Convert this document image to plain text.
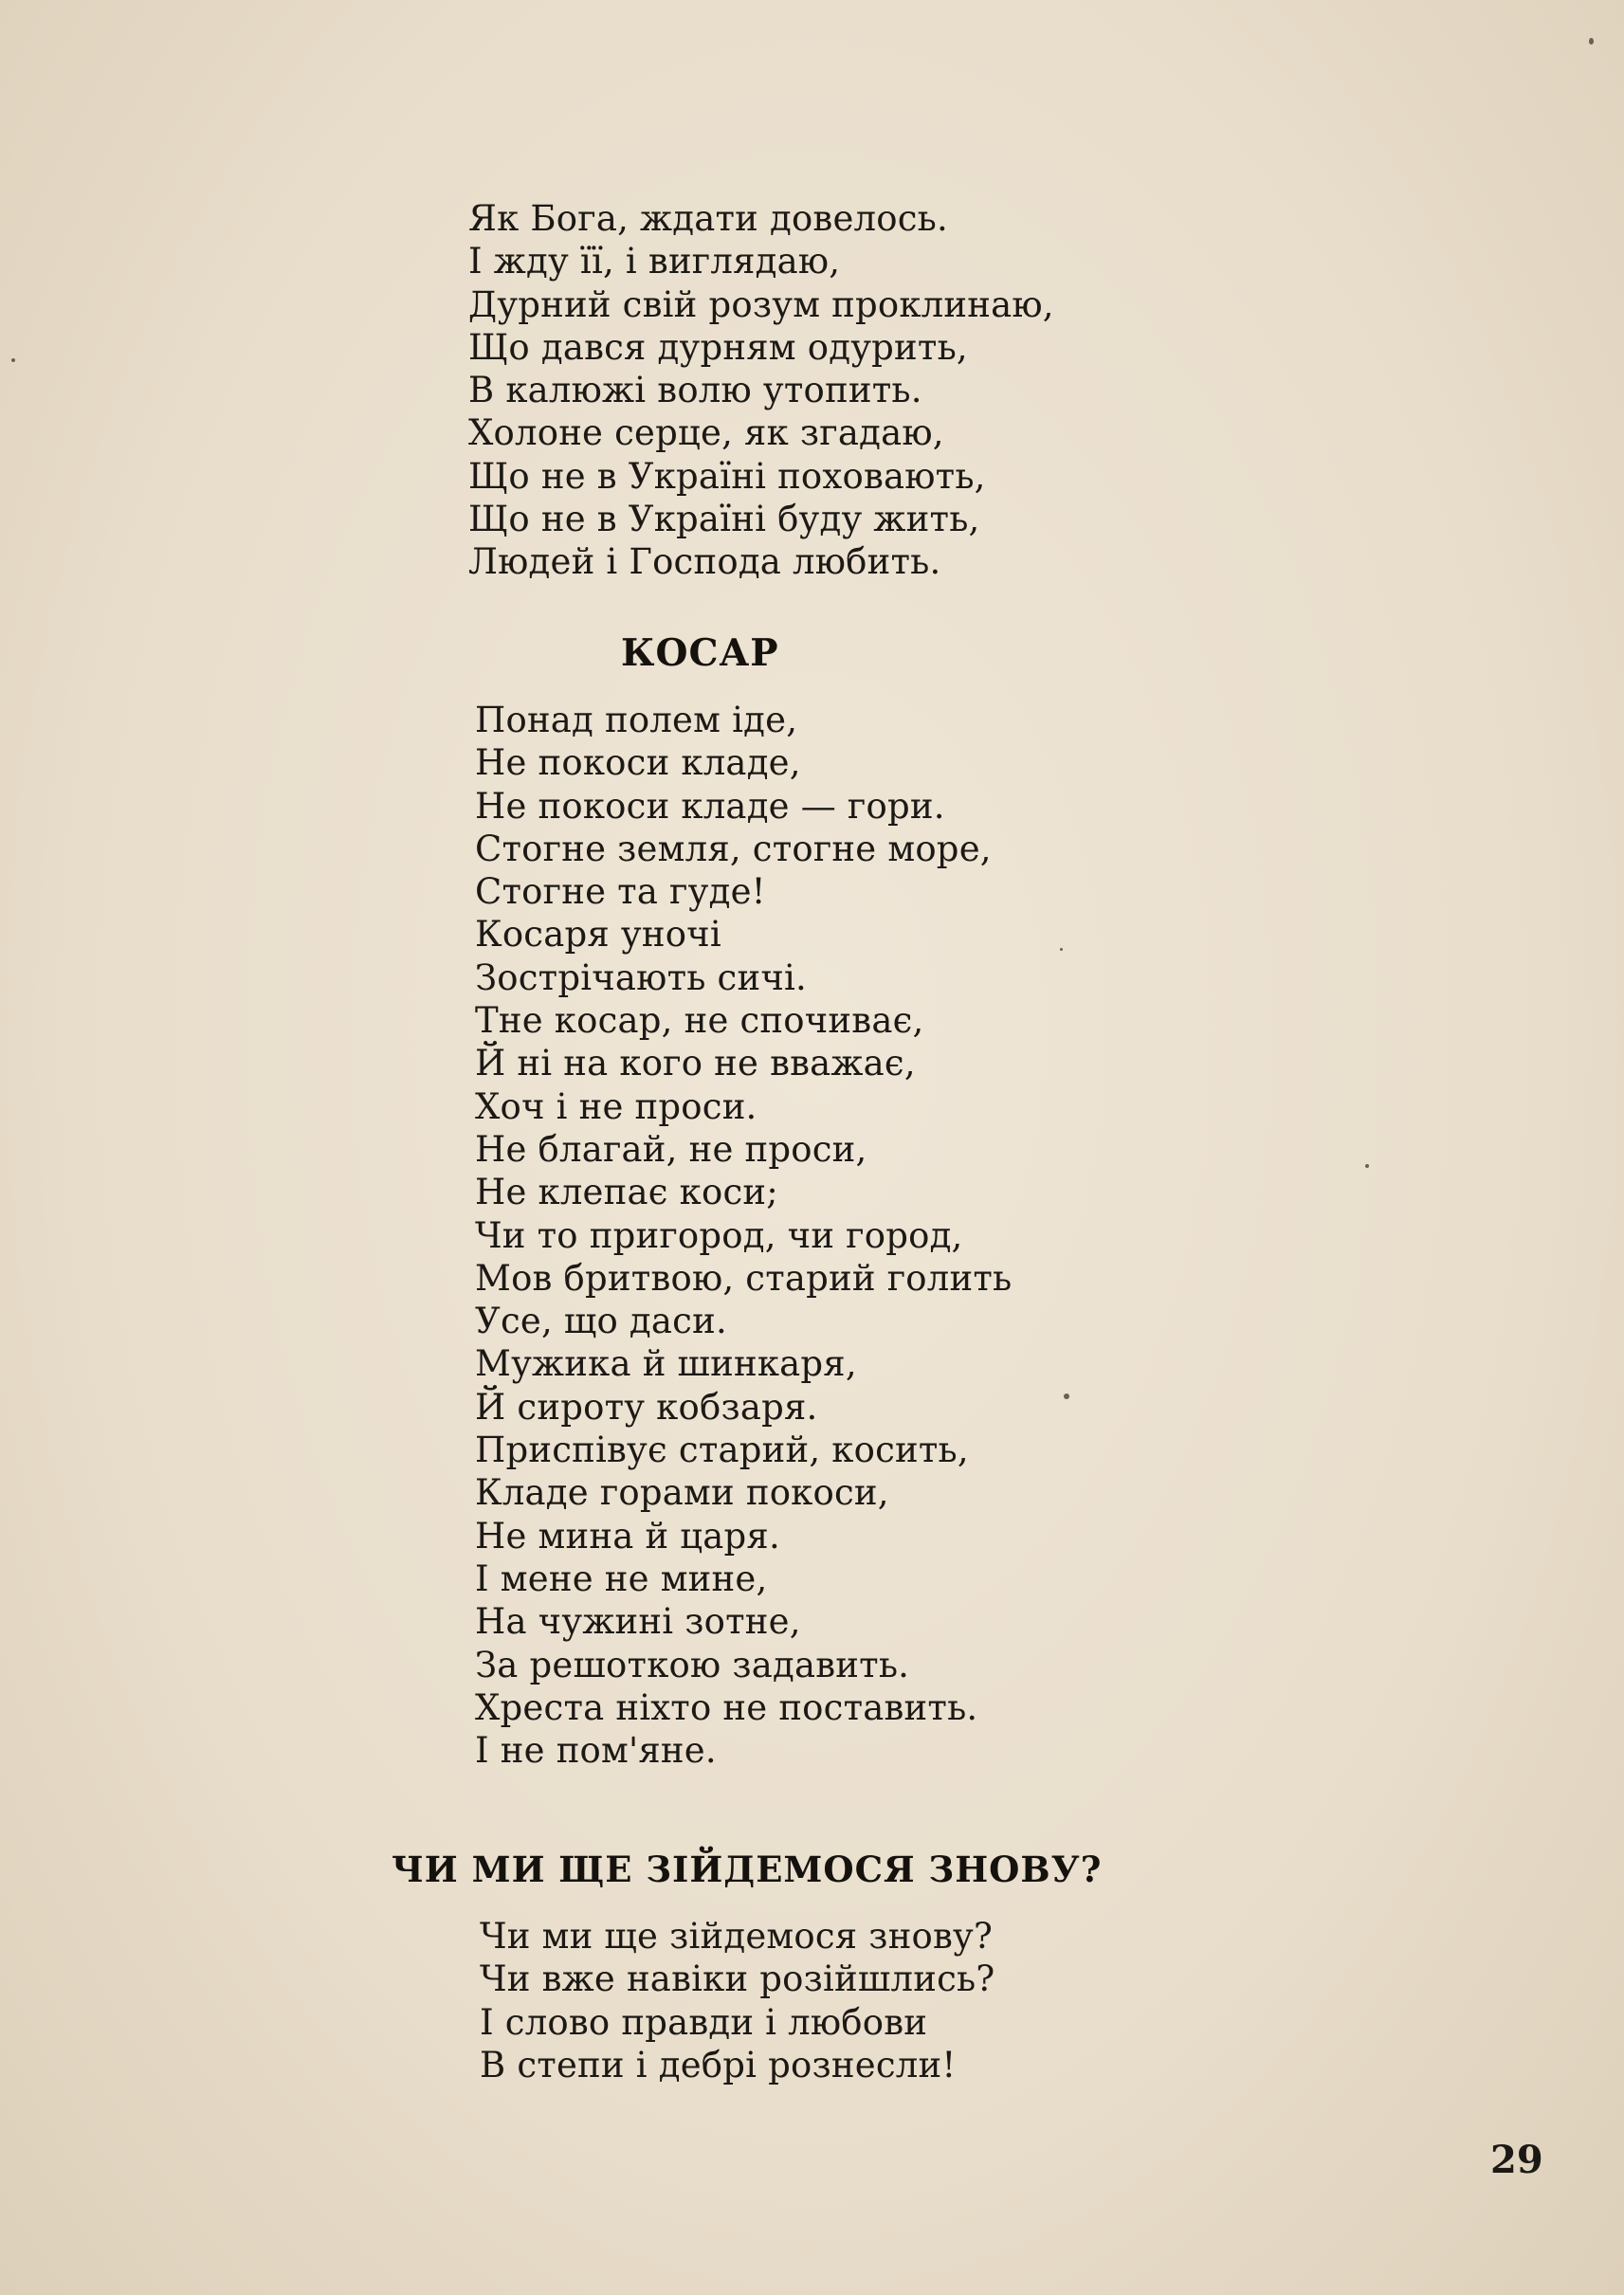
Як Бога, ждати довелось.
І жду її, і виглядаю,
Дурний свій розум проклинаю,
Що дався дурням одурить,
В калюжі волю утопить.
Холоне серце, як згадаю,
Що не в Україні поховають,
Що не в Україні буду жить,
Людей і Господа любить.
КОСАР
Понад полем іде,
Не покоси кладе,
Не покоси кладе — гори.
Стогне земля, стогне море,
Стогне та гуде!
Косаря уночі
Зострічають сичі.
Тне косар, не спочиває,
Й ні на кого не вважає,
Хоч і не проси.
Не благай, не проси,
Не клепає коси;
Чи то пригород, чи город,
Мов бритвою, старий голить
Усе, що даси.
Мужика й шинкаря,
Й сироту кобзаря.
Приспівує старий, косить,
Кладе горами покоси,
Не мина й царя.
І мене не мине,
На чужині зотне,
За решоткою задавить.
Хреста ніхто не поставить.
І не пом'яне.
ЧИ МИ ЩЕ ЗІЙДЕМОСЯ ЗНОВУ?
Чи ми ще зійдемося знову?
Чи вже навіки розійшлись?
І слово правди і любови
В степи і дебрі рознесли!
29
